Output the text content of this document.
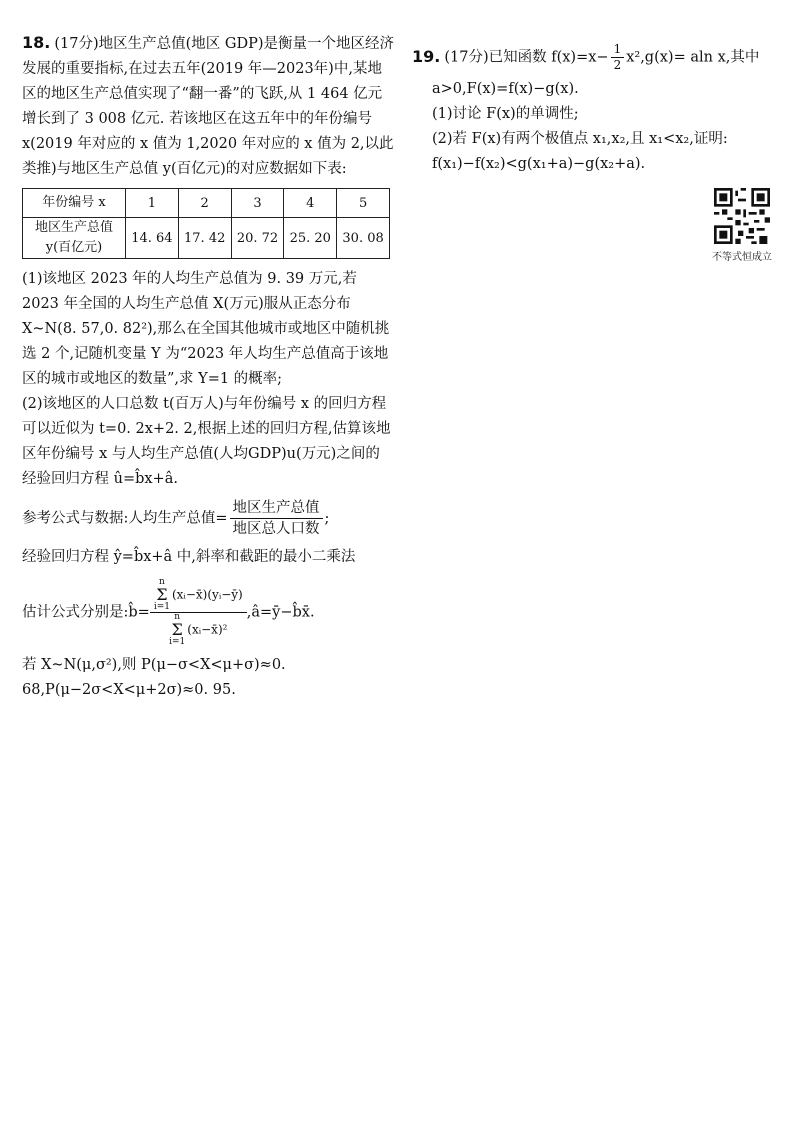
18. (17分)地区生产总值(地区 GDP)是衡量一个地区经济发展的重要指标,在过去五年(2019 年—2023年)中,某地区的地区生产总值实现了“翻一番”的飞跃,从 1 464 亿元增长到了 3 008 亿元. 若该地区在这五年中的年份编号 x(2019 年对应的 x 值为 1,2020 年对应的 x 值为 2,以此类推)与地区生产总值 y(百亿元)的对应数据如下表:

年份编号 x	1	2	3	4	5

地区生产总值
y(百亿元)	14. 64	17. 42	20. 72	25. 20	30. 08

(1)该地区 2023 年的人均生产总值为 9. 39 万元,若 2023 年全国的人均生产总值 X(万元)服从正态分布 X~N(8. 57,0. 82²),那么在全国其他城市或地区中随机挑选 2 个,记随机变量 Y 为“2023 年人均生产总值高于该地区的城市或地区的数量”,求 Y=1 的概率;

(2)该地区的人口总数 t(百万人)与年份编号 x 的回归方程可以近似为 t=0. 2x+2. 2,根据上述的回归方程,估算该地区年份编号 x 与人均生产总值(人均GDP)u(万元)之间的经验回归方程 û=b̂x+â.

参考公式与数据:人均生产总值= $\frac{\text{地区生产总值}}{\text{地区总人口数}}$ ;

经验回归方程 ŷ=b̂x+â 中,斜率和截距的最小二乘法

估计公式分别是:b̂= n
Σ
i=1(xᵢ−x̄)(yᵢ−ȳ)
n
Σ
i=1(xᵢ−x̄)² ,â=ȳ−b̂x̄.

若 X~N(μ,σ²),则 P(μ−σ<X<μ+σ)≈0. 68,P(μ−2σ<X<μ+2σ)≈0. 95.

19. (17分)已知函数 $f(x)=x- \frac{1}{2} x^2,g(x)= aln$ x,其中

a>0,F(x)=f(x)−g(x).

(1)讨论 F(x)的单调性;

(2)若 F(x)有两个极值点 x₁,x₂,且 x₁<x₂,证明:

f(x₁)−f(x₂)<g(x₁+a)−g(x₂+a).

不等式恒成立
